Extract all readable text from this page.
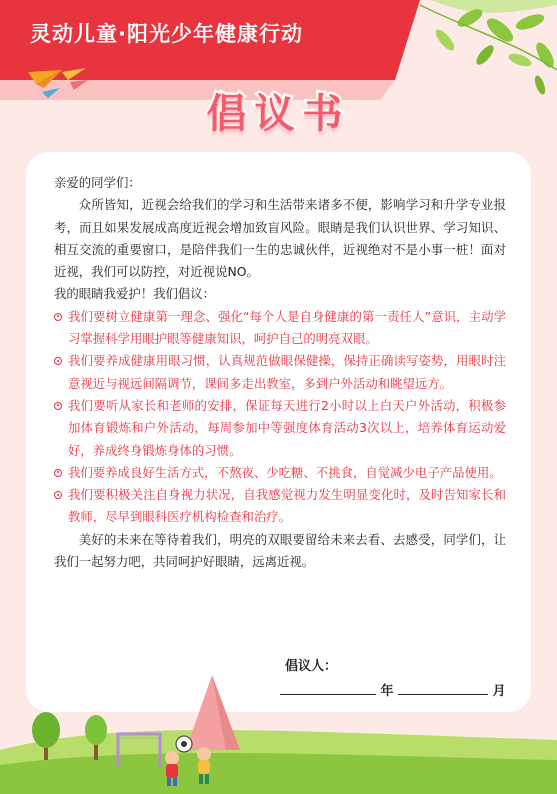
灵动儿童·阳光少年健康行动
倡议书

亲爱的同学们：

众所皆知，近视会给我们的学习和生活带来诸多不便，影响学习和升学专业报考，而且如果发展成高度近视会增加致盲风险。眼睛是我们认识世界、学习知识、相互交流的重要窗口，是陪伴我们一生的忠诚伙伴，近视绝对不是小事一桩！面对近视，我们可以防控，对近视说NO。

我的眼睛我爱护！我们倡议：

我们要树立健康第一理念、强化“每个人是自身健康的第一责任人”意识，主动学习掌握科学用眼护眼等健康知识，呵护自己的明亮双眼。
我们要养成健康用眼习惯，认真规范做眼保健操，保持正确读写姿势，用眼时注意视近与视远间隔调节，课间多走出教室，多到户外活动和眺望远方。
我们要听从家长和老师的安排，保证每天进行2小时以上白天户外活动，积极参加体育锻炼和户外活动，每周参加中等强度体育活动3次以上，培养体育运动爱好，养成终身锻炼身体的习惯。
我们要养成良好生活方式，不熬夜、少吃糖、不挑食，自觉减少电子产品使用。
我们要积极关注自身视力状况，自我感觉视力发生明显变化时，及时告知家长和教师，尽早到眼科医疗机构检查和治疗。

美好的未来在等待着我们，明亮的双眼要留给未来去看、去感受，同学们，让我们一起努力吧，共同呵护好眼睛，远离近视。

倡议人：
年	月
